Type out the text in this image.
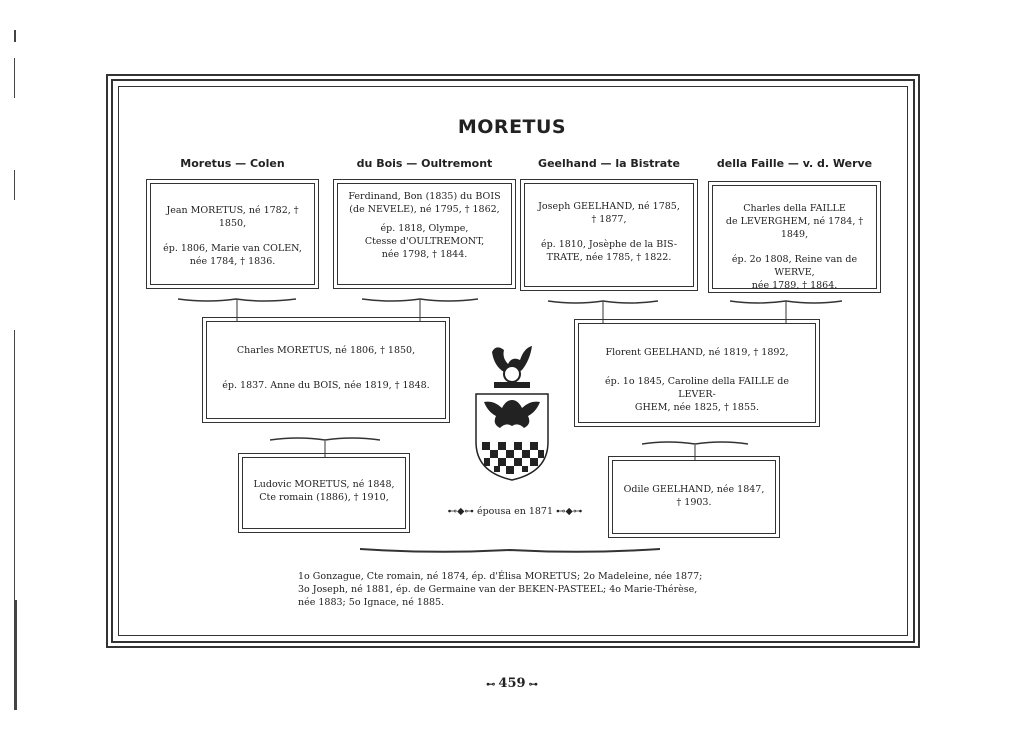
MORETUS
Moretus — Colen	du Bois — Oultremont	Geelhand — la Bistrate	della Faille — v. d. Werve
Jean MORETUS, né 1782, † 1850,
ép. 1806, Marie van COLEN,
née 1784, † 1836.
Ferdinand, Bon (1835) du BOIS
(de NEVELE), né 1795, † 1862,
ép. 1818, Olympe,
Ctesse d'OULTREMONT,
née 1798, † 1844.
Joseph GEELHAND, né 1785,
† 1877,
ép. 1810, Josèphe de la BIS-
TRATE, née 1785, † 1822.
Charles della FAILLE
de LEVERGHEM, né 1784, † 1849,
ép. 2o 1808, Reine van de WERVE,
née 1789, † 1864.
Charles MORETUS, né 1806, † 1850,
ép. 1837. Anne du BOIS, née 1819, † 1848.
Florent GEELHAND, né 1819, † 1892,
ép. 1o 1845, Caroline della FAILLE de LEVER-
GHEM, née 1825, † 1855.
Ludovic MORETUS, né 1848,
Cte romain (1886), † 1910,
Odile GEELHAND, née 1847,
† 1903.
⊷◆⊶ épousa en 1871 ⊷◆⊶
1o Gonzague, Cte romain, né 1874, ép. d'Élisa MORETUS; 2o Madeleine, née 1877;
3o Joseph, né 1881, ép. de Germaine van der BEKEN-PASTEEL; 4o Marie-Thérèse,
née 1883; 5o Ignace, né 1885.
⊷ 459 ⊶
